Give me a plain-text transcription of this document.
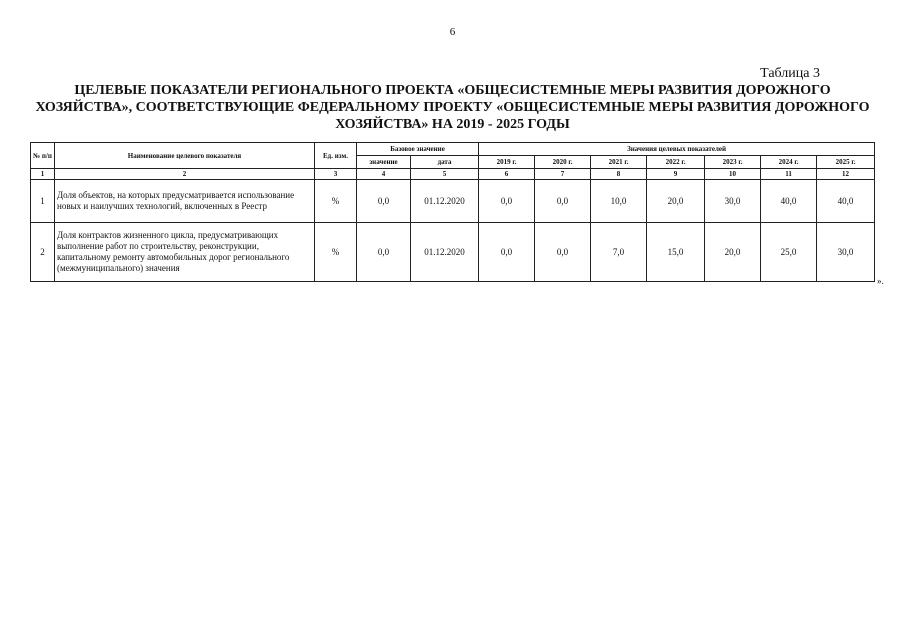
6
Таблица 3
ЦЕЛЕВЫЕ ПОКАЗАТЕЛИ РЕГИОНАЛЬНОГО ПРОЕКТА «ОБЩЕСИСТЕМНЫЕ МЕРЫ РАЗВИТИЯ ДОРОЖНОГО ХОЗЯЙСТВА», СООТВЕТСТВУЮЩИЕ ФЕДЕРАЛЬНОМУ ПРОЕКТУ «ОБЩЕСИСТЕМНЫЕ МЕРЫ РАЗВИТИЯ ДОРОЖНОГО ХОЗЯЙСТВА» НА 2019 - 2025 ГОДЫ
№ п/п	Наименование целевого показателя	Ед. изм.	Базовое значение		Значения целевых показателей						
			значение	дата	2019 г.	2020 г.	2021 г.	2022 г.	2023 г.	2024 г.	2025 г.
1	2	3	4	5	6	7	8	9	10	11	12
1	Доля объектов, на которых предусматривается использование новых и наилучших технологий, включенных в Реестр	%	0,0	01.12.2020	0,0	0,0	10,0	20,0	30,0	40,0	40,0
2	Доля контрактов жизненного цикла, предусматривающих выполнение работ по строительству, реконструкции, капитальному ремонту автомобильных дорог регионального (межмуниципального) значения	%	0,0	01.12.2020	0,0	0,0	7,0	15,0	20,0	25,0	30,0
».
